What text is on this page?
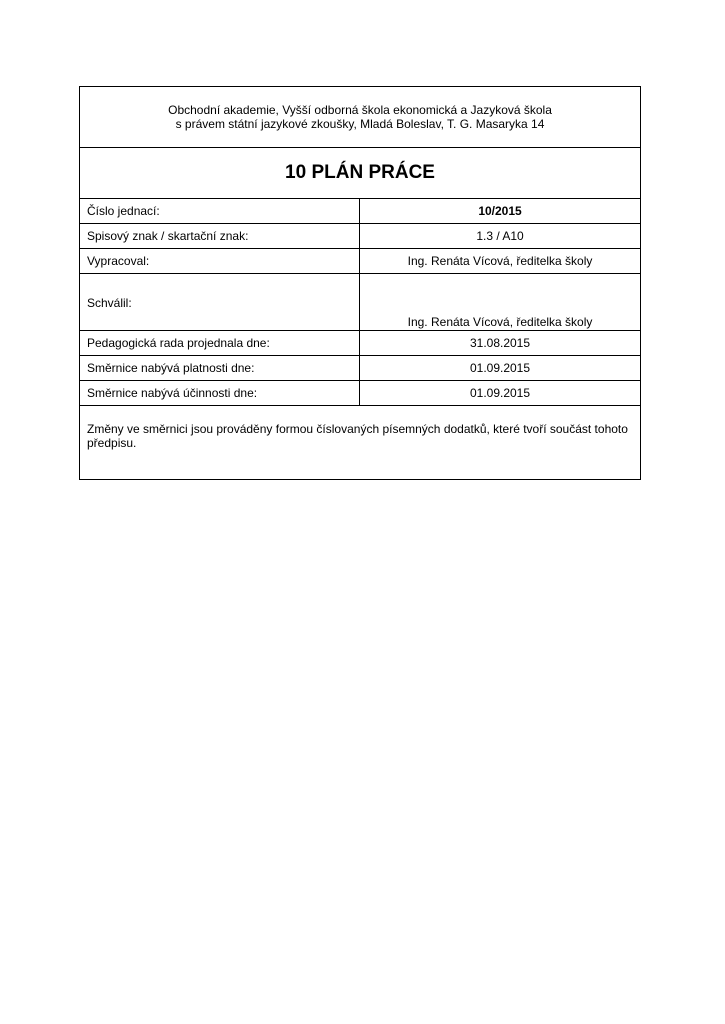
Obchodní akademie, Vyšší odborná škola ekonomická a Jazyková škola
s právem státní jazykové zkoušky, Mladá Boleslav, T. G. Masaryka 14	

10 PLÁN PRÁCE	
Číslo jednací:	10/2015
Spisový znak / skartační znak:	1.3 / A10
Vypracoval:	Ing. Renáta Vícová, ředitelka školy
Schválil:	Ing. Renáta Vícová, ředitelka školy
Pedagogická rada projednala dne:	31.08.2015
Směrnice nabývá platnosti dne:	01.09.2015
Směrnice nabývá účinnosti dne:	01.09.2015
Změny ve směrnici jsou prováděny formou číslovaných písemných dodatků, které tvoří součást tohoto předpisu.	
